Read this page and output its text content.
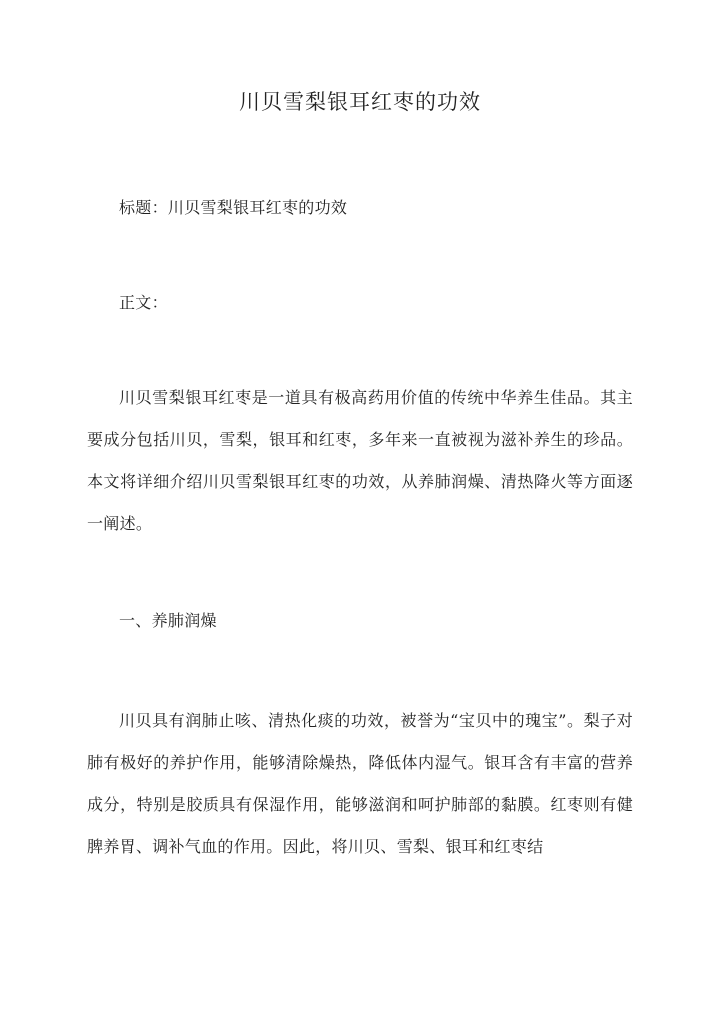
川贝雪梨银耳红枣的功效

标题：川贝雪梨银耳红枣的功效

正文：

川贝雪梨银耳红枣是一道具有极高药用价值的传统中华养生佳品。其主要成分包括川贝，雪梨，银耳和红枣，多年来一直被视为滋补养生的珍品。本文将详细介绍川贝雪梨银耳红枣的功效，从养肺润燥、清热降火等方面逐一阐述。

一、养肺润燥

川贝具有润肺止咳、清热化痰的功效，被誉为“宝贝中的瑰宝”。梨子对肺有极好的养护作用，能够清除燥热，降低体内湿气。银耳含有丰富的营养成分，特别是胶质具有保湿作用，能够滋润和呵护肺部的黏膜。红枣则有健脾养胃、调补气血的作用。因此，将川贝、雪梨、银耳和红枣结
